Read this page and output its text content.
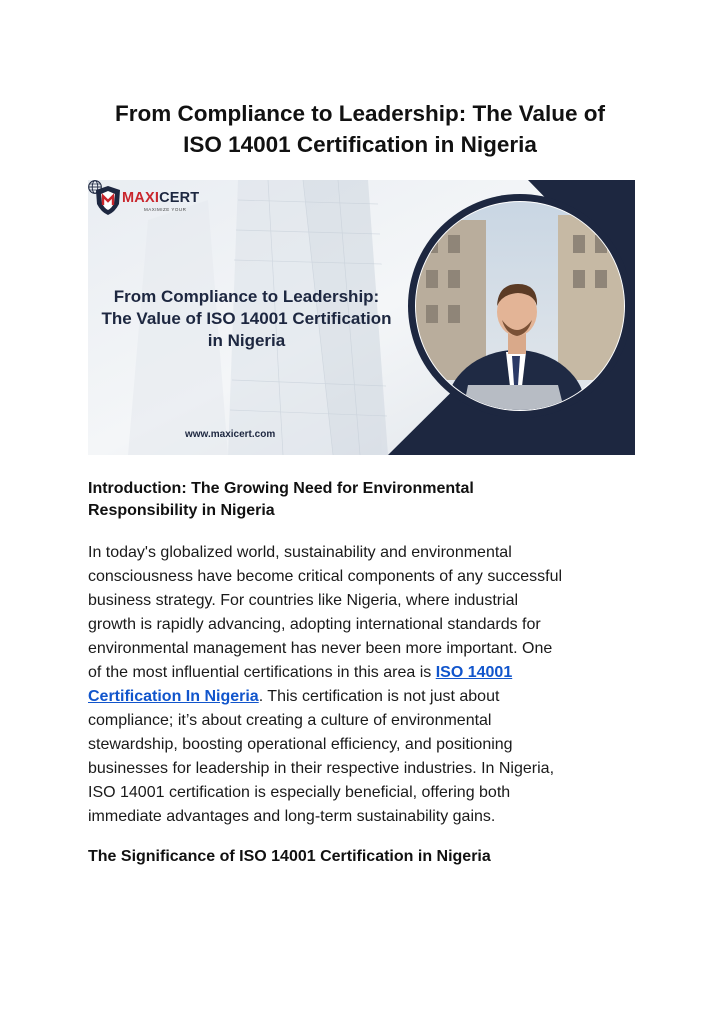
From Compliance to Leadership: The Value of
ISO 14001 Certification in Nigeria
MAXICERT
MAXIMIZE YOUR
From Compliance to Leadership:
The Value of ISO 14001 Certification
in Nigeria
www.maxicert.com
Introduction: The Growing Need for Environmental
Responsibility in Nigeria

In today's globalized world, sustainability and environmental
consciousness have become critical components of any successful
business strategy. For countries like Nigeria, where industrial
growth is rapidly advancing, adopting international standards for
environmental management has never been more important. One
of the most influential certifications in this area is ISO 14001
Certification In Nigeria. This certification is not just about
compliance; it’s about creating a culture of environmental
stewardship, boosting operational efficiency, and positioning
businesses for leadership in their respective industries. In Nigeria,
ISO 14001 certification is especially beneficial, offering both
immediate advantages and long-term sustainability gains.

The Significance of ISO 14001 Certification in Nigeria
